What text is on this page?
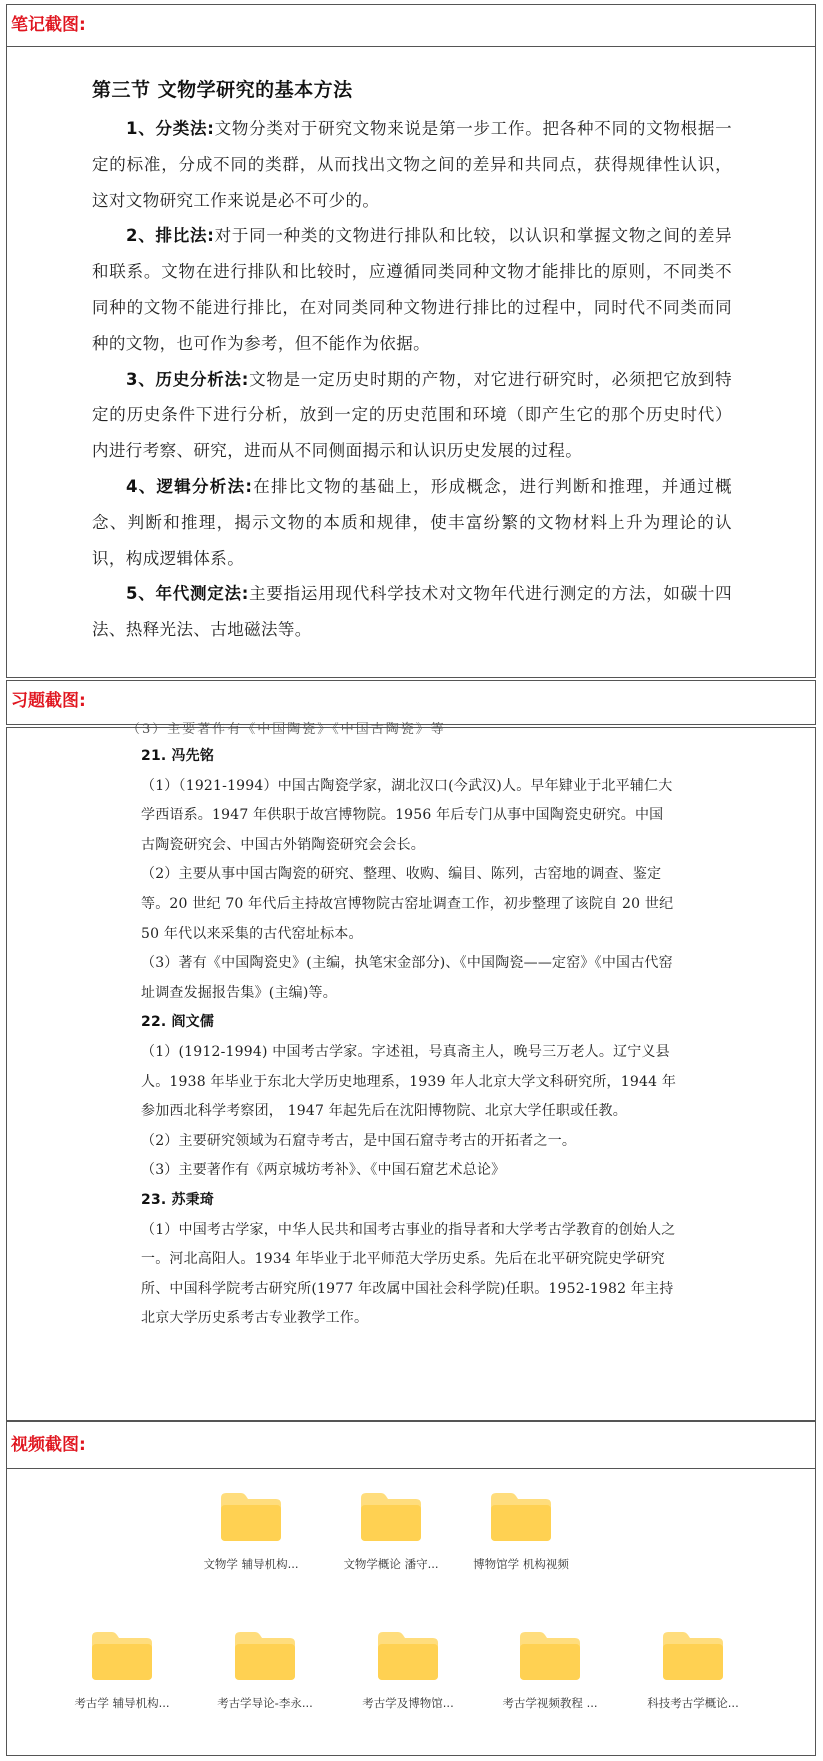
笔记截图:
第三节 文物学研究的基本方法

1、分类法:文物分类对于研究文物来说是第一步工作。把各种不同的文物根据一定的标准，分成不同的类群，从而找出文物之间的差异和共同点，获得规律性认识，这对文物研究工作来说是必不可少的。

2、排比法:对于同一种类的文物进行排队和比较，以认识和掌握文物之间的差异和联系。文物在进行排队和比较时，应遵循同类同种文物才能排比的原则，不同类不同种的文物不能进行排比，在对同类同种文物进行排比的过程中，同时代不同类而同种的文物，也可作为参考，但不能作为依据。

3、历史分析法:文物是一定历史时期的产物，对它进行研究时，必须把它放到特定的历史条件下进行分析，放到一定的历史范围和环境（即产生它的那个历史时代）内进行考察、研究，进而从不同侧面揭示和认识历史发展的过程。

4、逻辑分析法:在排比文物的基础上，形成概念，进行判断和推理，并通过概念、判断和推理，揭示文物的本质和规律，使丰富纷繁的文物材料上升为理论的认识，构成逻辑体系。

5、年代测定法:主要指运用现代科学技术对文物年代进行测定的方法，如碳十四法、热释光法、古地磁法等。

习题截图:
（3）主要著作有《中国陶瓷》《中国古陶瓷》等

21. 冯先铭

（1）（1921-1994）中国古陶瓷学家，湖北汉口(今武汉)人。早年肄业于北平辅仁大学西语系。1947 年供职于故宫博物院。1956 年后专门从事中国陶瓷史研究。中国古陶瓷研究会、中国古外销陶瓷研究会会长。

（2）主要从事中国古陶瓷的研究、整理、收购、编目、陈列，古窑地的调查、鉴定等。20 世纪 70 年代后主持故宫博物院古窑址调查工作，初步整理了该院自 20 世纪 50 年代以来采集的古代窑址标本。

（3）著有《中国陶瓷史》(主编，执笔宋金部分)、《中国陶瓷——定窑》《中国古代窑址调查发掘报告集》(主编)等。

22. 阎文儒

（1）(1912-1994) 中国考古学家。字述祖，号真斋主人，晚号三万老人。辽宁义县人。1938 年毕业于东北大学历史地理系，1939 年人北京大学文科研究所，1944 年参加西北科学考察团， 1947 年起先后在沈阳博物院、北京大学任职或任教。

（2）主要研究领域为石窟寺考古，是中国石窟寺考古的开拓者之一。

（3）主要著作有《两京城坊考补》、《中国石窟艺术总论》

23. 苏秉琦

（1）中国考古学家，中华人民共和国考古事业的指导者和大学考古学教育的创始人之一。河北高阳人。1934 年毕业于北平师范大学历史系。先后在北平研究院史学研究所、中国科学院考古研究所(1977 年改属中国社会科学院)任职。1952-1982 年主持北京大学历史系考古专业教学工作。

视频截图:
文物学 辅导机构...	文物学概论 潘守...	博物馆学 机构视频
考古学 辅导机构...	考古学导论-李永...	考古学及博物馆...	考古学视频教程 ...	科技考古学概论...
